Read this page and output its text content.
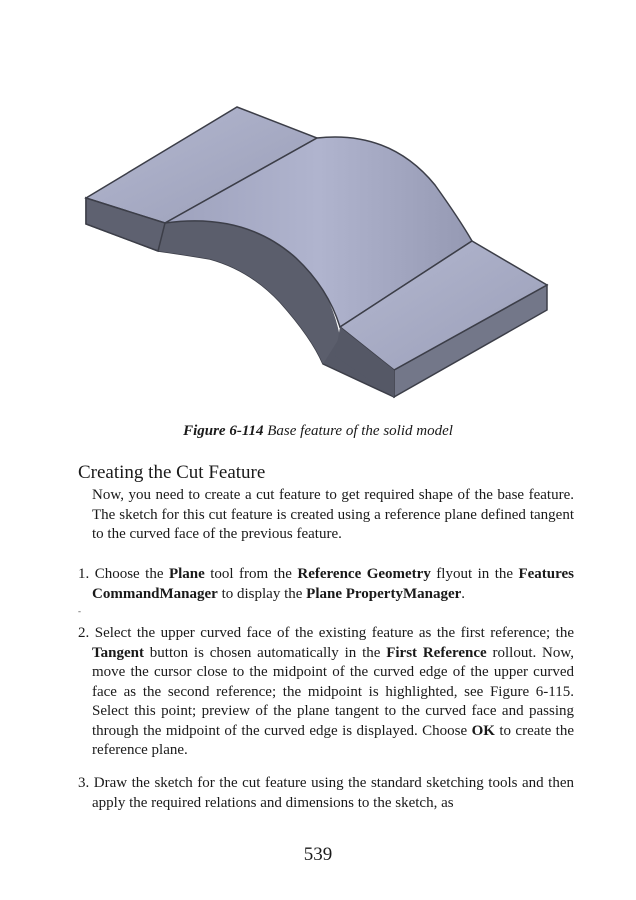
Figure 6-114 Base feature of the solid model
Creating the Cut Feature

Now, you need to create a cut feature to get required shape of the base feature. The sketch for this cut feature is created using a reference plane defined tangent to the curved face of the previous feature.

1. Choose the Plane tool from the Reference Geometry flyout in the Features CommandManager to display the Plane PropertyManager.

-

2. Select the upper curved face of the existing feature as the first reference; the Tangent button is chosen automatically in the First Reference rollout. Now, move the cursor close to the midpoint of the curved edge of the upper curved face as the second reference; the midpoint is highlighted, see Figure 6-115. Select this point; preview of the plane tangent to the curved face and passing through the midpoint of the curved edge is displayed. Choose OK to create the reference plane.

3. Draw the sketch for the cut feature using the standard sketching tools and then apply the required relations and dimensions to the sketch, as

539
